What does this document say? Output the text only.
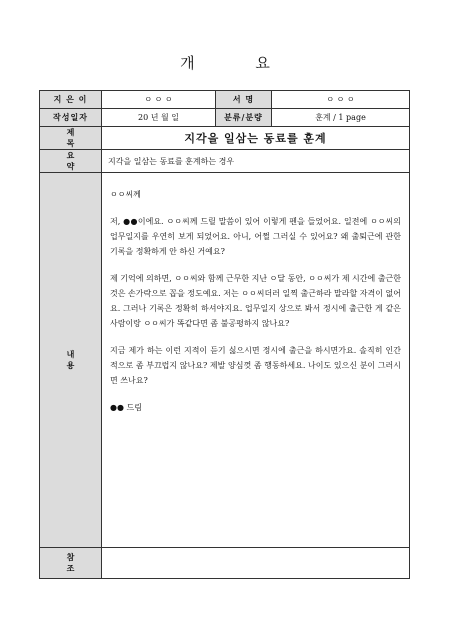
개 요
지 은 이	ㅇ ㅇ ㅇ	서 명	ㅇ ㅇ ㅇ
작성일자	20 년 월 일	분류/분량	훈계 / 1 page
제 목	지각을 일삼는 동료를 훈계		
요 약	지각을 일삼는 동료를 훈계하는 경우		
내 용	ㅇㅇ씨께

저, ●●이에요. ㅇㅇ씨께 드릴 말씀이 있어 이렇게 펜을 들었어요. 일전에 ㅇㅇ씨의 업무일지를 우연히 보게 되었어요. 아니, 어쩔 그러실 수 있어요? 왜 출퇴근에 관한 기록을 정확하게 안 하신 거예요?

제 기억에 의하면, ㅇㅇ씨와 함께 근무한 지난 ㅇ달 동안, ㅇㅇ씨가 제 시간에 출근한 것은 손가락으로 꼽을 정도예요. 저는 ㅇㅇ씨더러 일찍 출근하라 말라할 자격이 없어요. 그러나 기록은 정확히 하셔야지요. 업무일지 상으로 봐서 정시에 출근한 게 같은 사람이랑 ㅇㅇ씨가 똑같다면 좀 불공평하지 않나요?

지금 제가 하는 이런 지적이 듣기 싫으시면 정시에 출근을 하시면가요. 솔직히 인간적으로 좀 부끄럽지 않나요? 제발 양심껏 좀 행동하세요. 나이도 있으신 분이 그러시면 쓰나요?

●● 드림		

참 조			
